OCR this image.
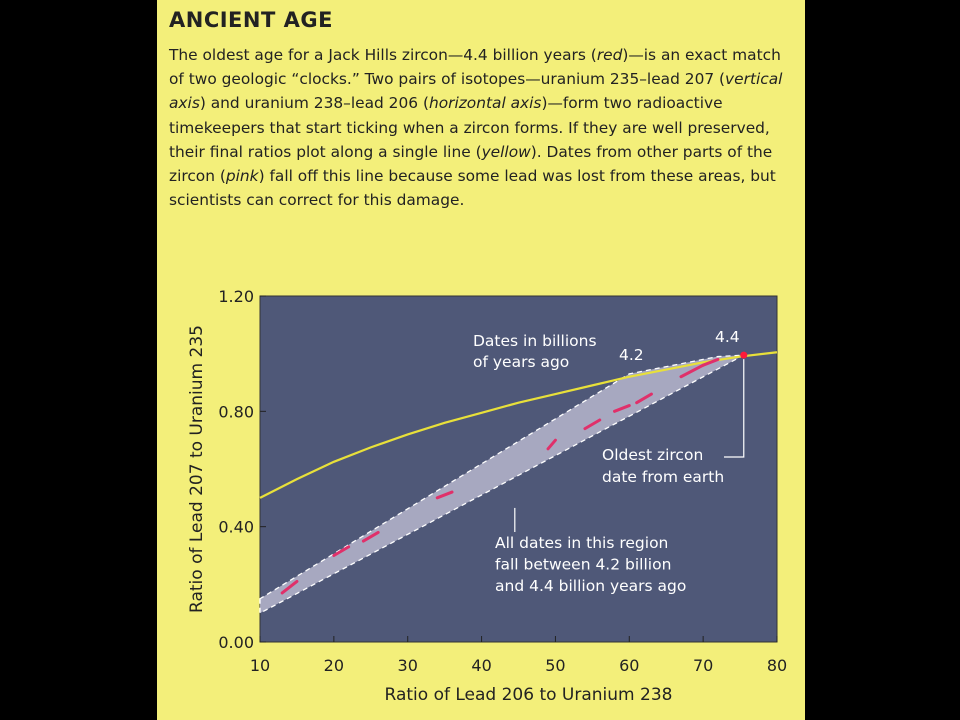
ANCIENT AGE
The oldest age for a Jack Hills zircon—4.4 billion years (red)—is an exact match of two geologic “clocks.” Two pairs of isotopes—uranium 235–lead 207 (vertical axis) and uranium 238–lead 206 (horizontal axis)—form two radioactive timekeepers that start ticking when a zircon forms. If they are well preserved, their final ratios plot along a single line (yellow). Dates from other parts of the zircon (pink) fall off this line because some lead was lost from these areas, but scientists can correct for this damage.
Dates in billions
of years ago	4.2
4.4
Oldest zircon
date from earth
All dates in this region
fall between 4.2 billion
and 4.4 billion years ago
10	20	30	40	50	60	70	80
0.00
0.40
0.80
1.20
Ratio of Lead 206 to Uranium 238
Ratio of Lead 207 to Uranium 235
